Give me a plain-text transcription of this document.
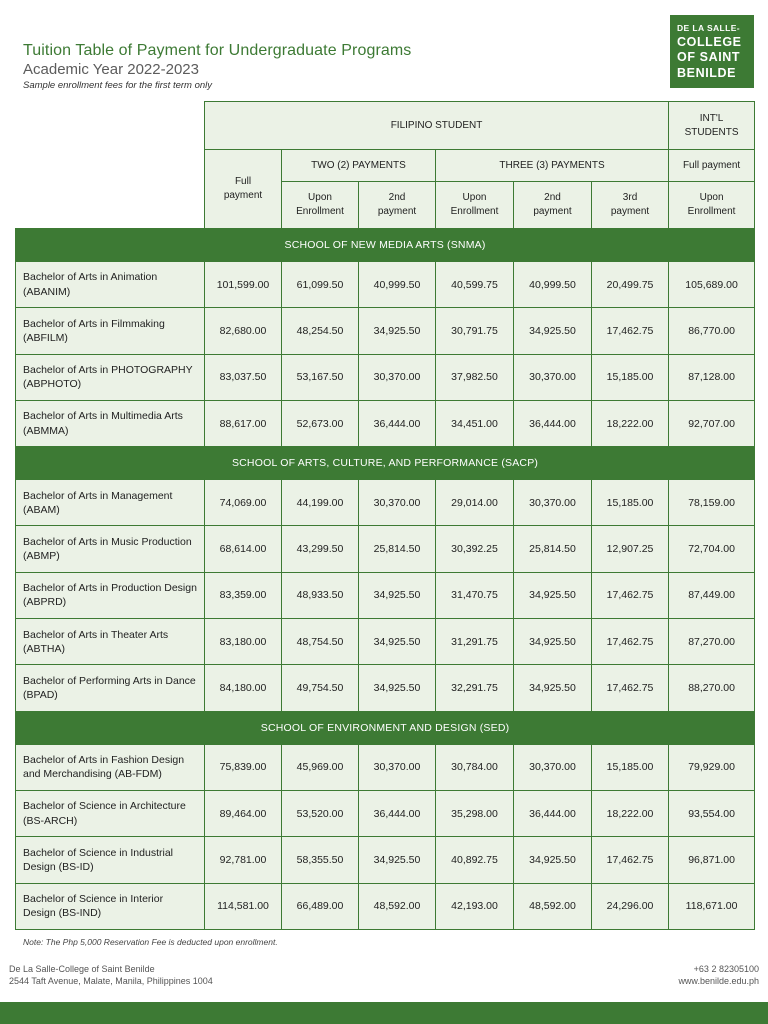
Tuition Table of Payment for Undergraduate Programs
Academic Year 2022-2023
Sample enrollment fees for the first term only
DE LA SALLE-
COLLEGE
OF SAINT
BENILDE
	FILIPINO STUDENT						INT'L STUDENTS
	Full payment	TWO (2) PAYMENTS		THREE (3) PAYMENTS			Full payment
		Upon Enrollment	2nd payment	Upon Enrollment	2nd payment	3rd payment	Upon Enrollment
SCHOOL OF NEW MEDIA ARTS (SNMA)							
Bachelor of Arts in Animation (ABANIM)	101,599.00	61,099.50	40,999.50	40,599.75	40,999.50	20,499.75	105,689.00
Bachelor of Arts in Filmmaking (ABFILM)	82,680.00	48,254.50	34,925.50	30,791.75	34,925.50	17,462.75	86,770.00
Bachelor of Arts in PHOTOGRAPHY (ABPHOTO)	83,037.50	53,167.50	30,370.00	37,982.50	30,370.00	15,185.00	87,128.00
Bachelor of Arts in Multimedia Arts (ABMMA)	88,617.00	52,673.00	36,444.00	34,451.00	36,444.00	18,222.00	92,707.00
SCHOOL OF ARTS, CULTURE, AND PERFORMANCE (SACP)							
Bachelor of Arts in Management (ABAM)	74,069.00	44,199.00	30,370.00	29,014.00	30,370.00	15,185.00	78,159.00
Bachelor of Arts in Music Production (ABMP)	68,614.00	43,299.50	25,814.50	30,392.25	25,814.50	12,907.25	72,704.00
Bachelor of Arts in Production Design (ABPRD)	83,359.00	48,933.50	34,925.50	31,470.75	34,925.50	17,462.75	87,449.00
Bachelor of Arts in Theater Arts (ABTHA)	83,180.00	48,754.50	34,925.50	31,291.75	34,925.50	17,462.75	87,270.00
Bachelor of Performing Arts in Dance (BPAD)	84,180.00	49,754.50	34,925.50	32,291.75	34,925.50	17,462.75	88,270.00
SCHOOL OF ENVIRONMENT AND DESIGN (SED)							
Bachelor of Arts in Fashion Design and Merchandising (AB-FDM)	75,839.00	45,969.00	30,370.00	30,784.00	30,370.00	15,185.00	79,929.00
Bachelor of Science in Architecture (BS-ARCH)	89,464.00	53,520.00	36,444.00	35,298.00	36,444.00	18,222.00	93,554.00
Bachelor of Science in Industrial Design (BS-ID)	92,781.00	58,355.50	34,925.50	40,892.75	34,925.50	17,462.75	96,871.00
Bachelor of Science in Interior Design (BS-IND)	114,581.00	66,489.00	48,592.00	42,193.00	48,592.00	24,296.00	118,671.00
Note: The Php 5,000 Reservation Fee is deducted upon enrollment.
De La Salle-College of Saint Benilde
2544 Taft Avenue, Malate, Manila, Philippines 1004
+63 2 82305100
www.benilde.edu.ph
